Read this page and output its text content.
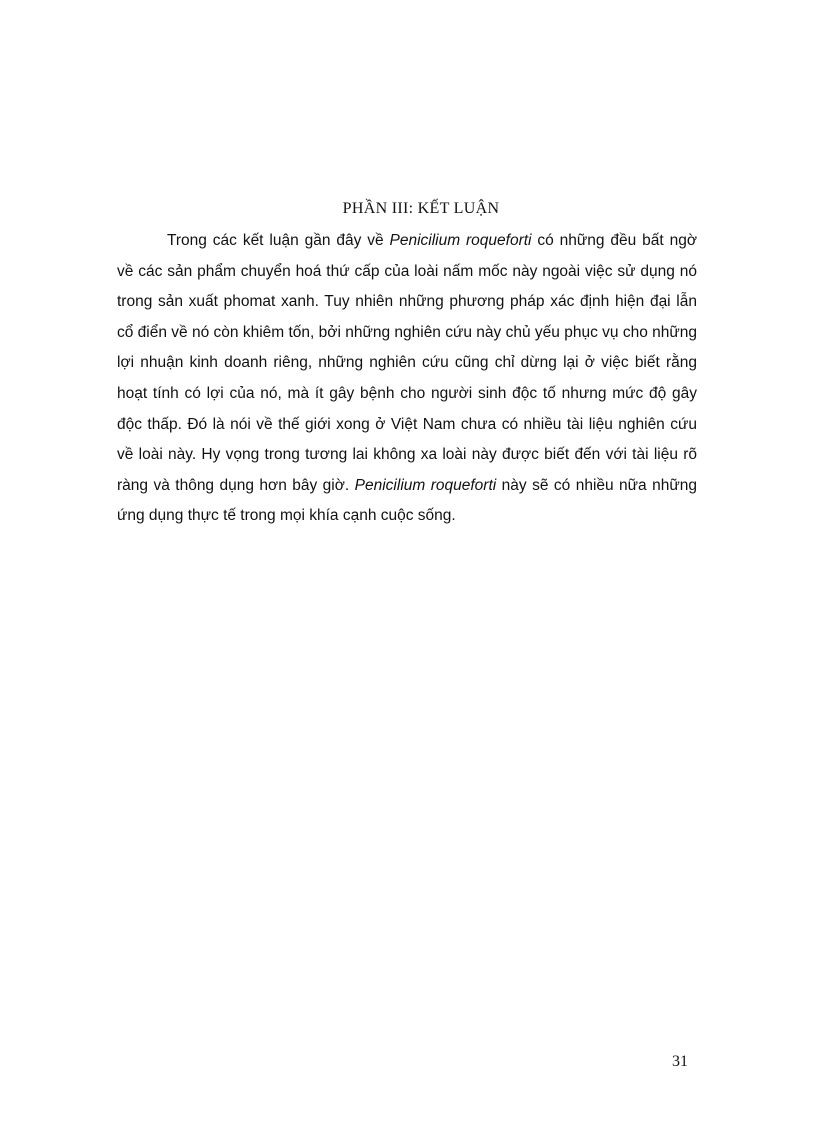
PHẦN III: KẾT LUẬN

Trong các kết luận gần đây về Penicilium roqueforti có những đều bất ngờ về các sản phẩm chuyển hoá thứ cấp của loài nấm mốc này ngoài việc sử dụng nó trong sản xuất phomat xanh. Tuy nhiên những phương pháp xác định hiện đại lẫn cổ điển về nó còn khiêm tốn, bởi những nghiên cứu này chủ yếu phục vụ cho những lợi nhuận kinh doanh riêng, những nghiên cứu cũng chỉ dừng lại ở việc biết rằng hoạt tính có lợi của nó, mà ít gây bệnh cho người sinh độc tố nhưng mức độ gây độc thấp. Đó là nói về thế giới xong ở Việt Nam chưa có nhiều tài liệu nghiên cứu về loài này. Hy vọng trong tương lai không xa loài này được biết đến với tài liệu rõ ràng và thông dụng hơn bây giờ. Penicilium roqueforti này sẽ có nhiều nữa những ứng dụng thực tế trong mọi khía cạnh cuộc sống.

31
